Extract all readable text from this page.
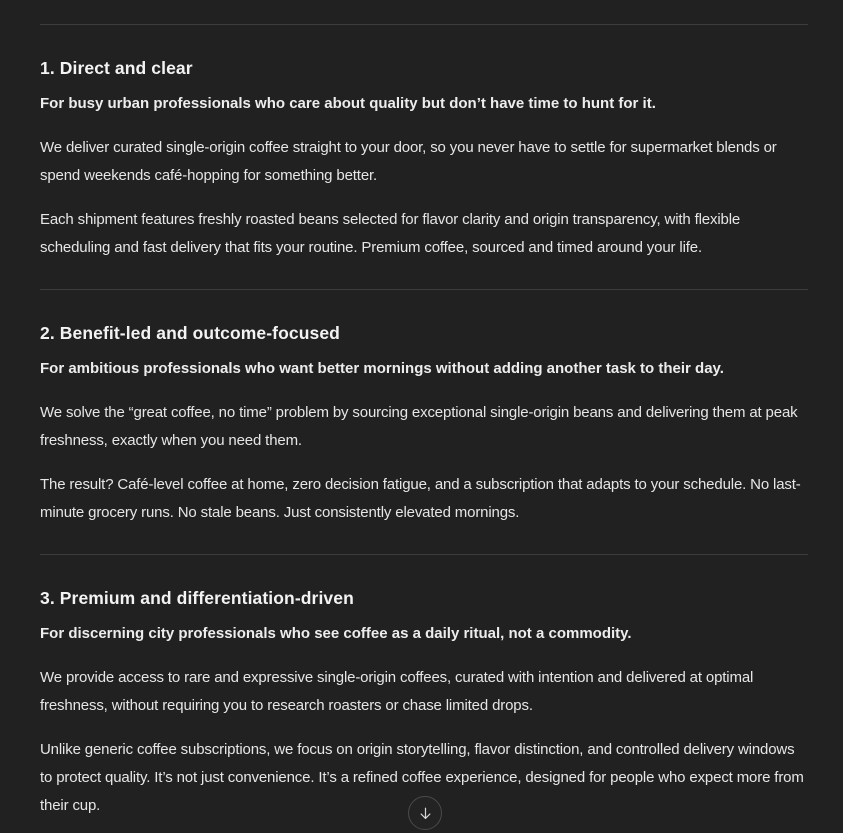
1. Direct and clear

For busy urban professionals who care about quality but don’t have time to hunt for it.

We deliver curated single-origin coffee straight to your door, so you never have to settle for supermarket blends or spend weekends café-hopping for something better.

Each shipment features freshly roasted beans selected for flavor clarity and origin transparency, with flexible scheduling and fast delivery that fits your routine. Premium coffee, sourced and timed around your life.

2. Benefit-led and outcome-focused

For ambitious professionals who want better mornings without adding another task to their day.

We solve the “great coffee, no time” problem by sourcing exceptional single-origin beans and delivering them at peak freshness, exactly when you need them.

The result? Café-level coffee at home, zero decision fatigue, and a subscription that adapts to your schedule. No last-minute grocery runs. No stale beans. Just consistently elevated mornings.

3. Premium and differentiation-driven

For discerning city professionals who see coffee as a daily ritual, not a commodity.

We provide access to rare and expressive single-origin coffees, curated with intention and delivered at optimal freshness, without requiring you to research roasters or chase limited drops.

Unlike generic coffee subscriptions, we focus on origin storytelling, flavor distinction, and controlled delivery windows to protect quality. It’s not just convenience. It’s a refined coffee experience, designed for people who expect more from their cup.
